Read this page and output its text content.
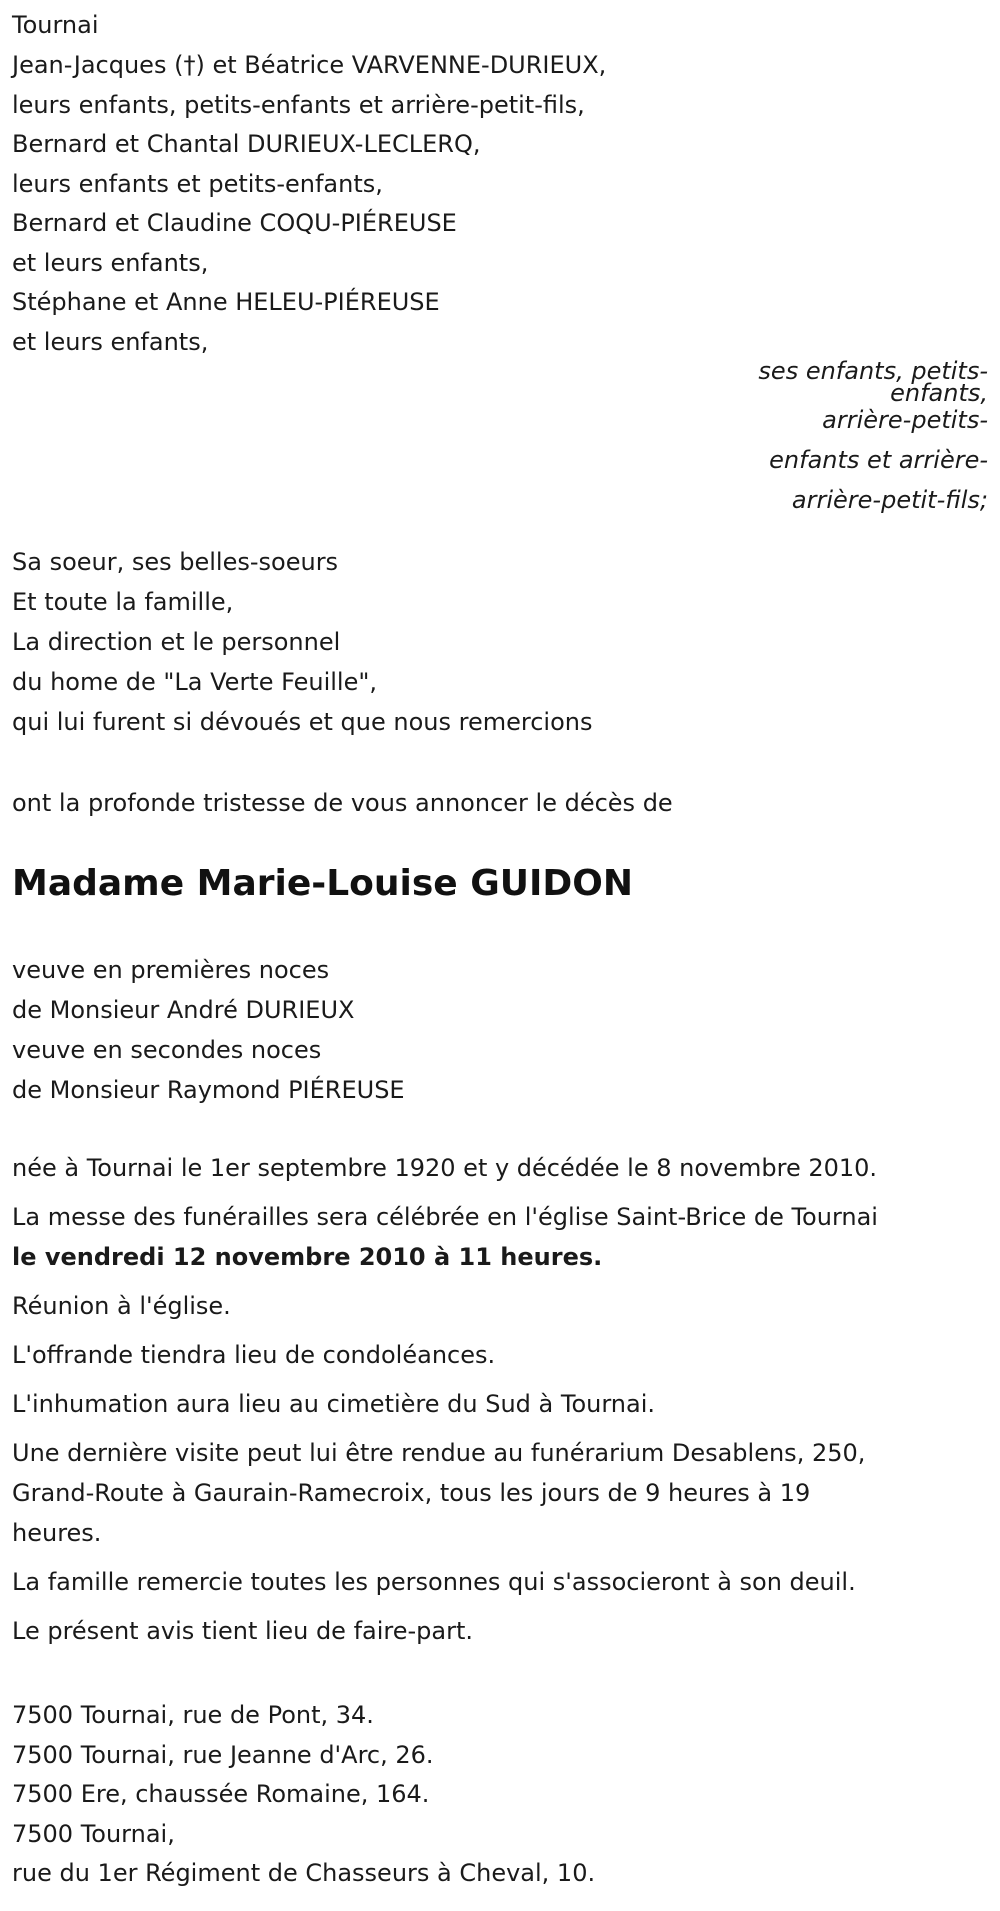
Tournai
Jean-Jacques (†) et Béatrice VARVENNE-DURIEUX,
leurs enfants, petits-enfants et arrière-petit-fils,
Bernard et Chantal DURIEUX-LECLERQ,
leurs enfants et petits-enfants,
Bernard et Claudine COQU-PIÉREUSE
et leurs enfants,
Stéphane et Anne HELEU-PIÉREUSE
et leurs enfants,
ses enfants, petits-
enfants,
arrière-petits-
enfants et arrière-
arrière-petit-fils;
Sa soeur, ses belles-soeurs
Et toute la famille,
La direction et le personnel
du home de "La Verte Feuille",
qui lui furent si dévoués et que nous remercions
ont la profonde tristesse de vous annoncer le décès de
Madame Marie-Louise GUIDON
veuve en premières noces
de Monsieur André DURIEUX
veuve en secondes noces
de Monsieur Raymond PIÉREUSE
née à Tournai le 1er septembre 1920 et y décédée le 8 novembre 2010.
La messe des funérailles sera célébrée en l'église Saint-Brice de Tournai
le vendredi 12 novembre 2010 à 11 heures.
Réunion à l'église.
L'offrande tiendra lieu de condoléances.
L'inhumation aura lieu au cimetière du Sud à Tournai.
Une dernière visite peut lui être rendue au funérarium Desablens, 250,
Grand-Route à Gaurain-Ramecroix, tous les jours de 9 heures à 19
heures.
La famille remercie toutes les personnes qui s'associeront à son deuil.
Le présent avis tient lieu de faire-part.
7500 Tournai, rue de Pont, 34.
7500 Tournai, rue Jeanne d'Arc, 26.
7500 Ere, chaussée Romaine, 164.
7500 Tournai,
rue du 1er Régiment de Chasseurs à Cheval, 10.
